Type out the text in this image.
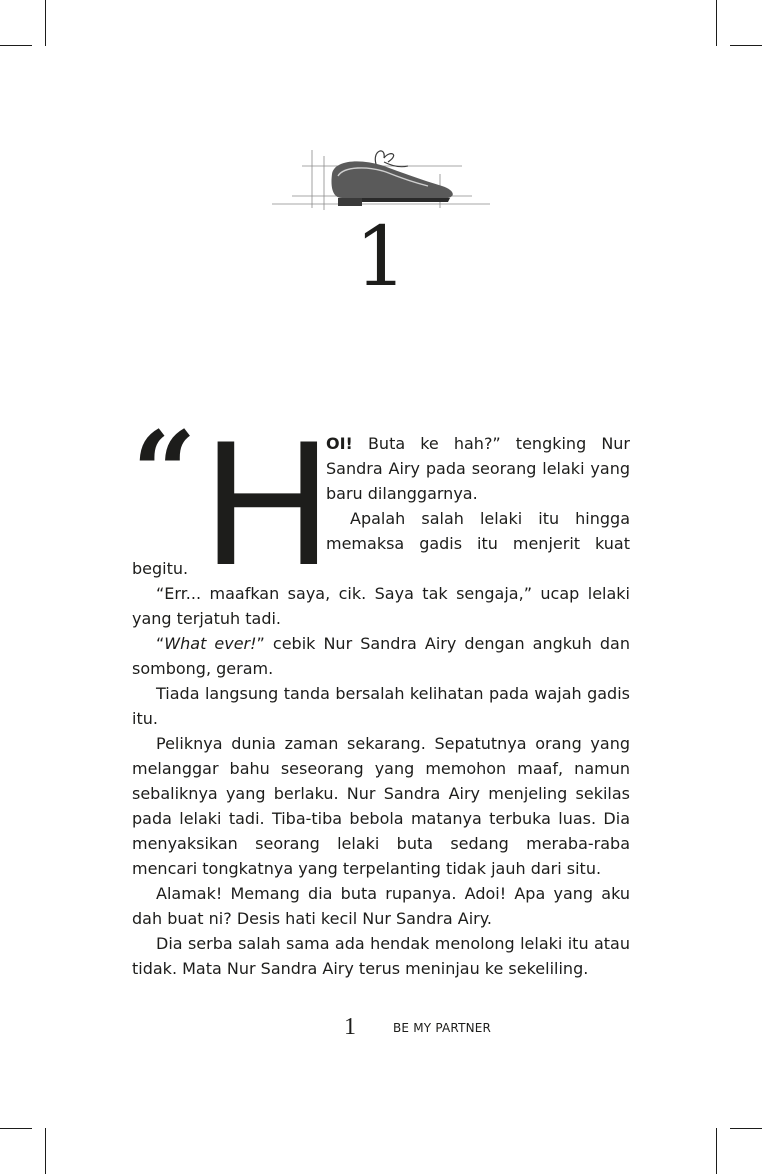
1
“ H

OI! Buta ke hah?” tengking Nur Sandra Airy pada seorang lelaki yang baru dilanggarnya.

Apalah salah lelaki itu hingga memaksa gadis itu menjerit kuat begitu.

“Err... maafkan saya, cik. Saya tak sengaja,” ucap lelaki yang terjatuh tadi.

“What ever!” cebik Nur Sandra Airy dengan angkuh dan sombong, geram.

Tiada langsung tanda bersalah kelihatan pada wajah gadis itu.

Peliknya dunia zaman sekarang. Sepatutnya orang yang melanggar bahu seseorang yang memohon maaf, namun sebaliknya yang berlaku. Nur Sandra Airy menjeling sekilas pada lelaki tadi. Tiba-tiba bebola matanya terbuka luas. Dia menyaksikan seorang lelaki buta sedang meraba-raba mencari tongkatnya yang terpelanting tidak jauh dari situ.

Alamak! Memang dia buta rupanya. Adoi! Apa yang aku dah buat ni? Desis hati kecil Nur Sandra Airy.

Dia serba salah sama ada hendak menolong lelaki itu atau tidak. Mata Nur Sandra Airy terus meninjau ke sekeliling.

1	BE MY PARTNER
